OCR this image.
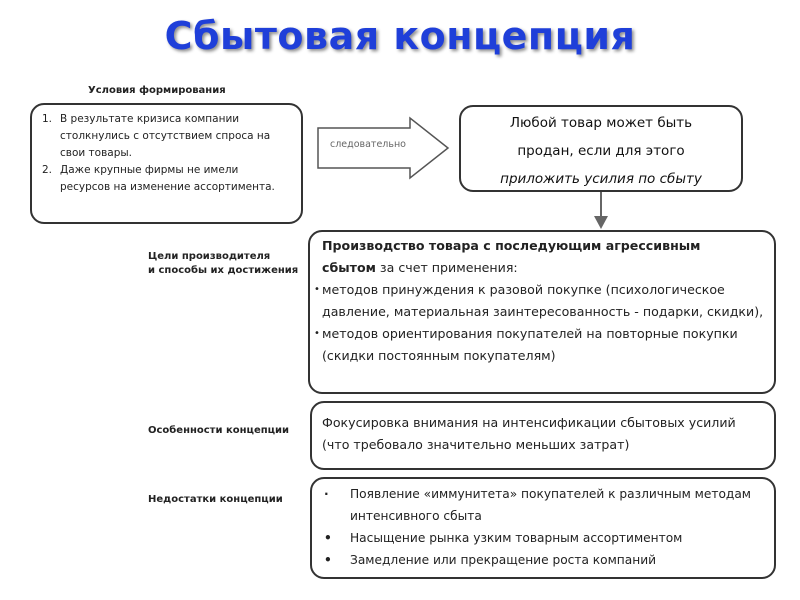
Сбытовая концепция
Условия формирования
1. В результате кризиса компании столкнулись с отсутствием спроса на свои товары.
2. Даже крупные фирмы не имели ресурсов на изменение ассортимента.
следовательно
Любой товар может быть
продан, если для этого
приложить усилия по сбыту
Цели производителя
и способы их достижения
Производство товара с последующим агрессивным
сбытом за счет применения:
• методов принуждения к разовой покупке (психологическое давление, материальная заинтересованность - подарки, скидки),
• методов ориентирования покупателей на повторные покупки (скидки постоянным покупателям)
Особенности концепции
Фокусировка внимания на интенсификации сбытовых усилий
(что требовало значительно меньших затрат)
Недостатки концепции	· Появление «иммунитета» покупателей к различным методам интенсивного сбыта
• Насыщение рынка узким товарным ассортиментом
• Замедление или прекращение роста компаний
